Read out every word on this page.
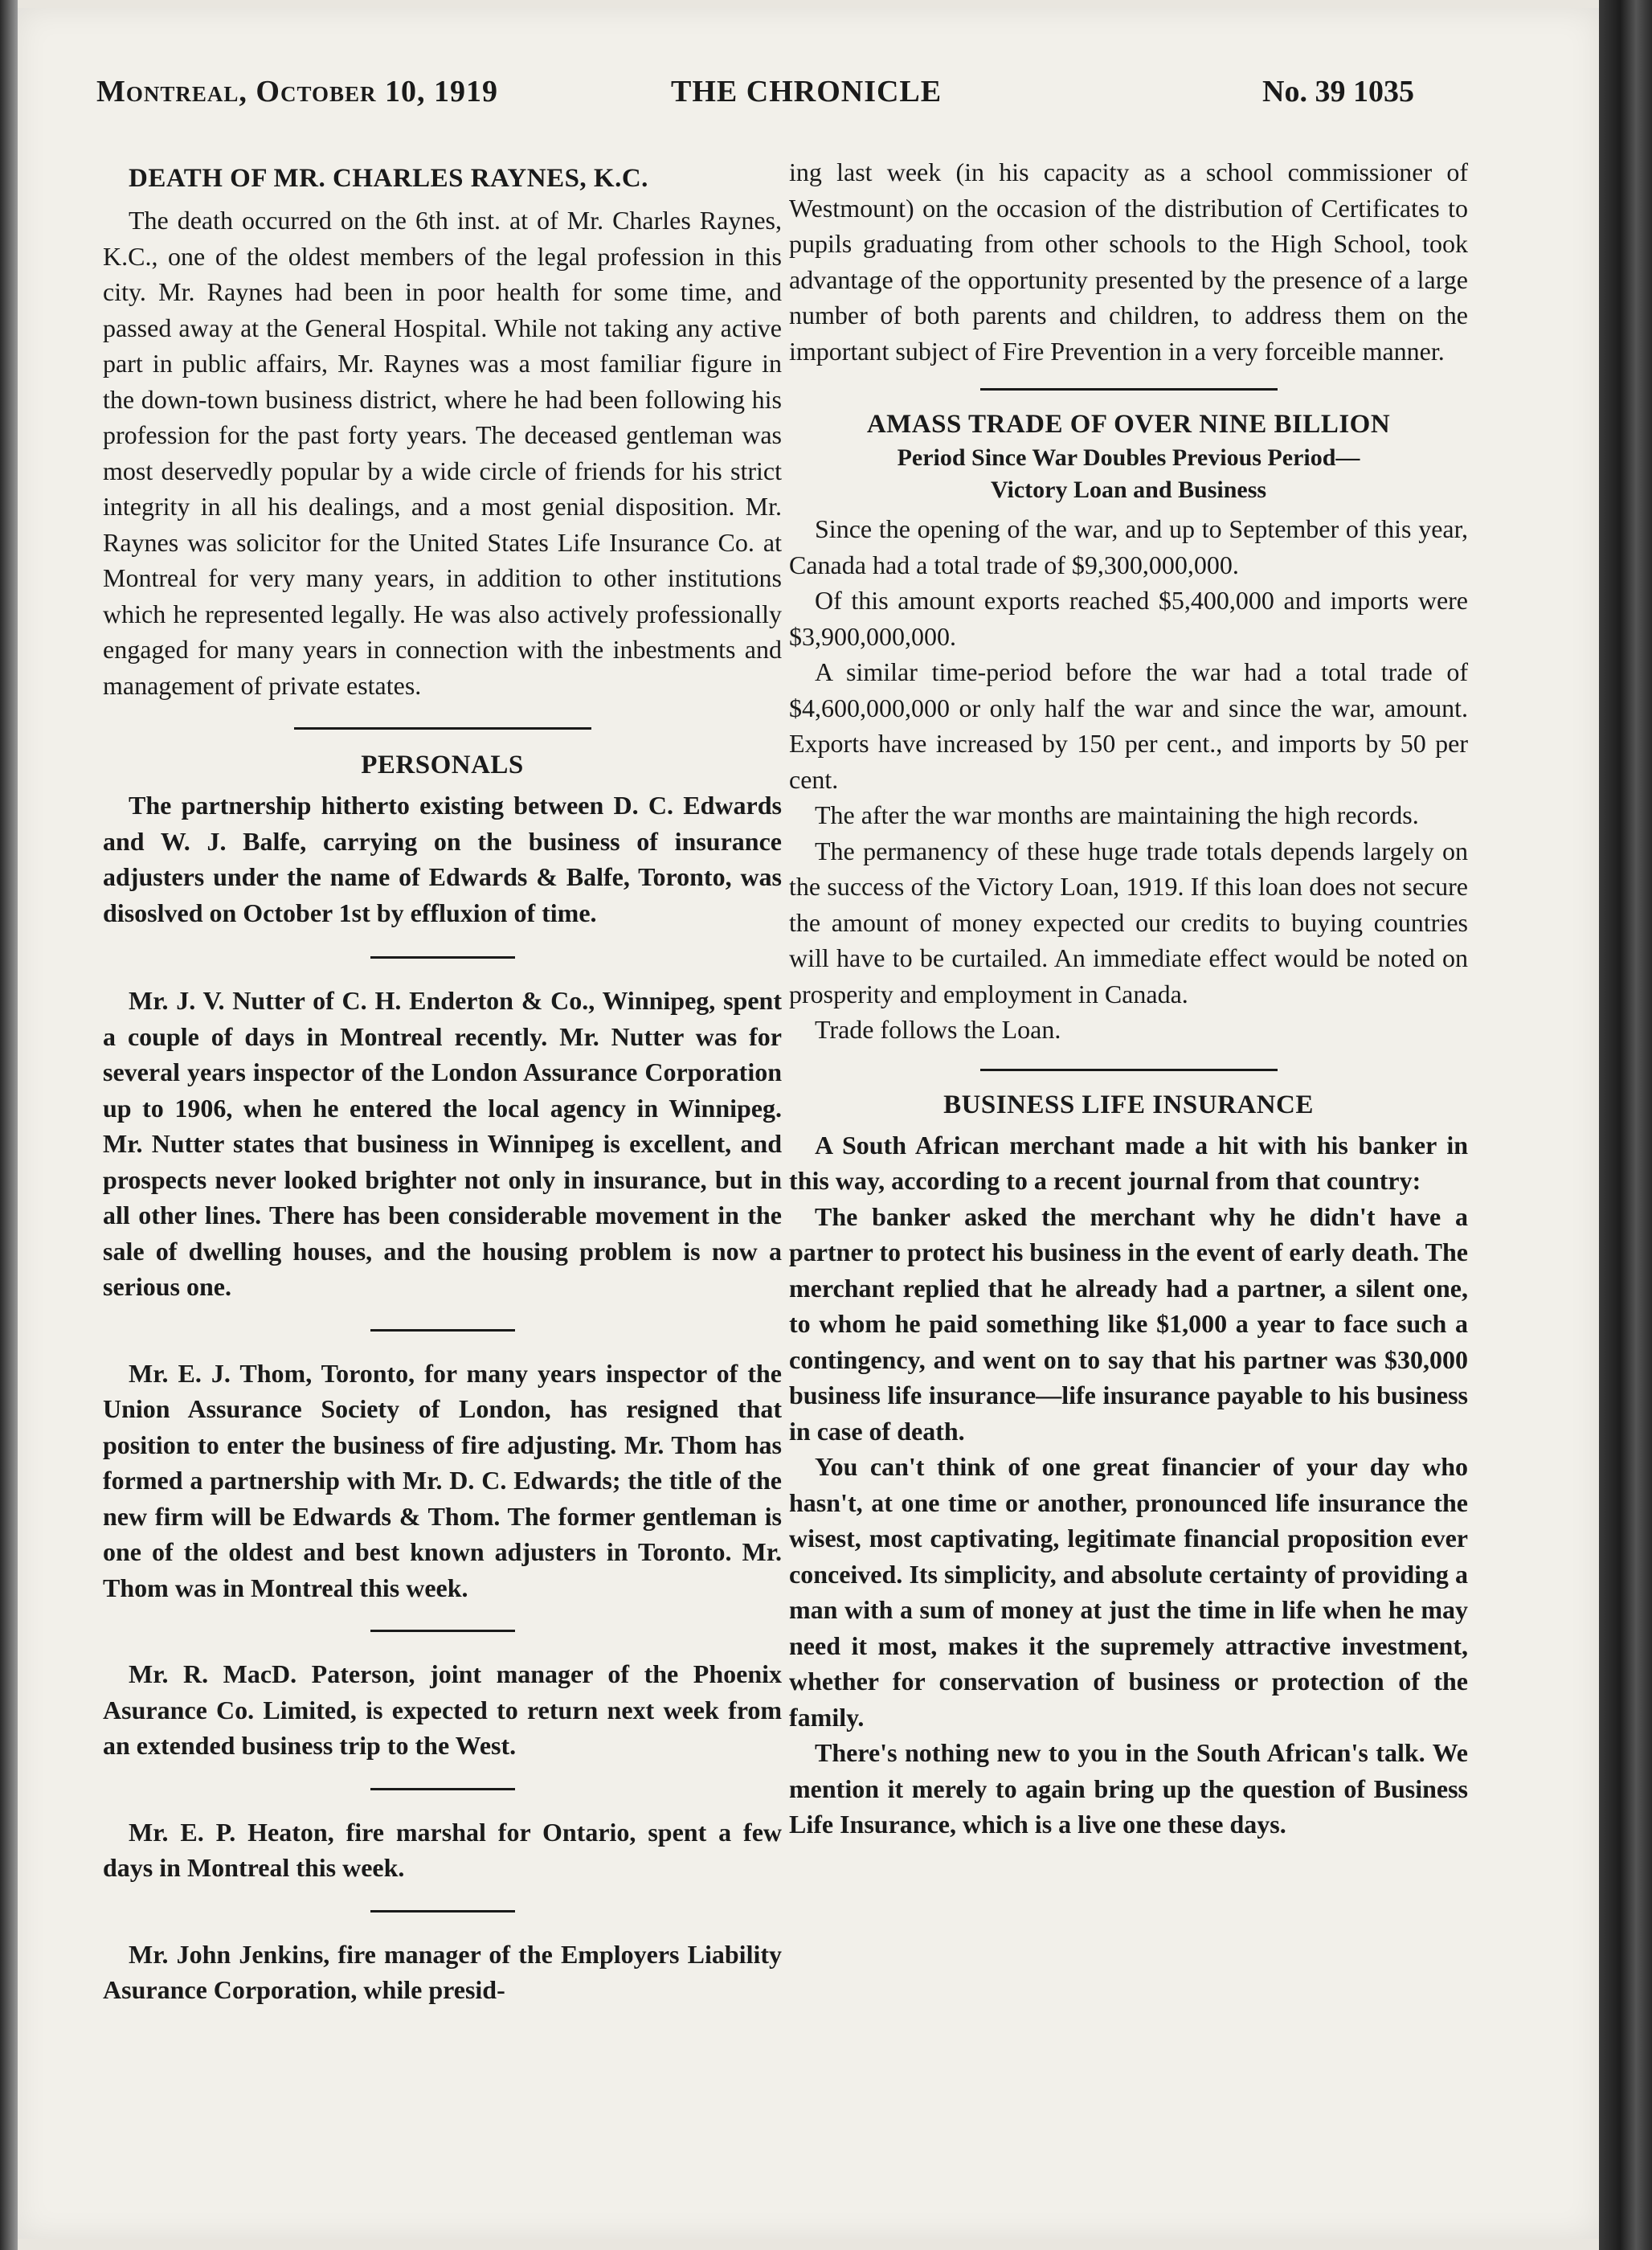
Montreal, October 10, 1919	THE CHRONICLE	No. 39 1035
DEATH OF MR. CHARLES RAYNES, K.C.

The death occurred on the 6th inst. at of Mr. Charles Raynes, K.C., one of the oldest members of the legal profession in this city. Mr. Raynes had been in poor health for some time, and passed away at the General Hospital. While not taking any active part in public affairs, Mr. Raynes was a most familiar figure in the down-town business district, where he had been following his profession for the past forty years. The deceased gentleman was most deservedly popular by a wide circle of friends for his strict integrity in all his dealings, and a most genial disposition. Mr. Raynes was solicitor for the United States Life Insurance Co. at Montreal for very many years, in addition to other institutions which he represented legally. He was also actively professionally engaged for many years in connection with the inbestments and management of private estates.

PERSONALS

The partnership hitherto existing between D. C. Edwards and W. J. Balfe, carrying on the business of insurance adjusters under the name of Edwards & Balfe, Toronto, was disoslved on October 1st by effluxion of time.

Mr. J. V. Nutter of C. H. Enderton & Co., Winnipeg, spent a couple of days in Montreal recently. Mr. Nutter was for several years inspector of the London Assurance Corporation up to 1906, when he entered the local agency in Winnipeg. Mr. Nutter states that business in Winnipeg is excellent, and prospects never looked brighter not only in insurance, but in all other lines. There has been considerable movement in the sale of dwelling houses, and the housing problem is now a serious one.

Mr. E. J. Thom, Toronto, for many years inspector of the Union Assurance Society of London, has resigned that position to enter the business of fire adjusting. Mr. Thom has formed a partnership with Mr. D. C. Edwards; the title of the new firm will be Edwards & Thom. The former gentleman is one of the oldest and best known adjusters in Toronto. Mr. Thom was in Montreal this week.

Mr. R. MacD. Paterson, joint manager of the Phoenix Asurance Co. Limited, is expected to return next week from an extended business trip to the West.

Mr. E. P. Heaton, fire marshal for Ontario, spent a few days in Montreal this week.

Mr. John Jenkins, fire manager of the Employers Liability Asurance Corporation, while presid-

ing last week (in his capacity as a school commissioner of Westmount) on the occasion of the distribution of Certificates to pupils graduating from other schools to the High School, took advantage of the opportunity presented by the presence of a large number of both parents and children, to address them on the important subject of Fire Prevention in a very forceible manner.

AMASS TRADE OF OVER NINE BILLION
Period Since War Doubles Previous Period—
Victory Loan and Business

Since the opening of the war, and up to September of this year, Canada had a total trade of $9,300,000,000.

Of this amount exports reached $5,400,000 and imports were $3,900,000,000.

A similar time-period before the war had a total trade of $4,600,000,000 or only half the war and since the war, amount. Exports have increased by 150 per cent., and imports by 50 per cent.

The after the war months are maintaining the high records.

The permanency of these huge trade totals depends largely on the success of the Victory Loan, 1919. If this loan does not secure the amount of money expected our credits to buying countries will have to be curtailed. An immediate effect would be noted on prosperity and employment in Canada.

Trade follows the Loan.

BUSINESS LIFE INSURANCE

A South African merchant made a hit with his banker in this way, according to a recent journal from that country:

The banker asked the merchant why he didn't have a partner to protect his business in the event of early death. The merchant replied that he already had a partner, a silent one, to whom he paid something like $1,000 a year to face such a contingency, and went on to say that his partner was $30,000 business life insurance—life insurance payable to his business in case of death.

You can't think of one great financier of your day who hasn't, at one time or another, pronounced life insurance the wisest, most captivating, legitimate financial proposition ever conceived. Its simplicity, and absolute certainty of providing a man with a sum of money at just the time in life when he may need it most, makes it the supremely attractive investment, whether for conservation of business or protection of the family.

There's nothing new to you in the South African's talk. We mention it merely to again bring up the question of Business Life Insurance, which is a live one these days.
